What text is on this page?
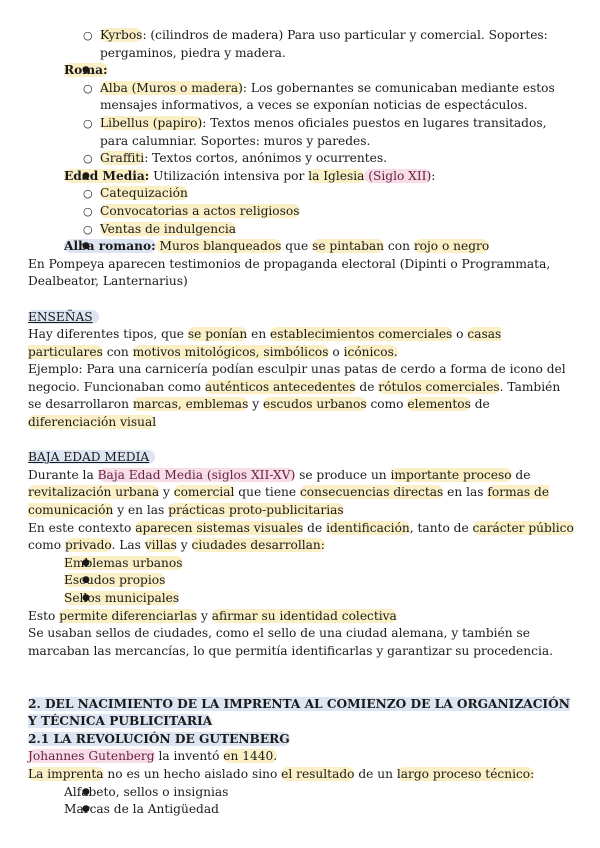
○ Kyrbos: (cilindros de madera) Para uso particular y comercial. Soportes: pergaminos, piedra y madera.
● Roma:
○ Alba (Muros o madera): Los gobernantes se comunicaban mediante estos mensajes informativos, a veces se exponían noticias de espectáculos.
○ Libellus (papiro): Textos menos oficiales puestos en lugares transitados, para calumniar. Soportes: muros y paredes.
○ Graffiti: Textos cortos, anónimos y ocurrentes.
● Edad Media: Utilización intensiva por la Iglesia (Siglo XII):
○ Catequización
○ Convocatorias a actos religiosos
○ Ventas de indulgencia
● Alba romano: Muros blanqueados que se pintaban con rojo o negro

En Pompeya aparecen testimonios de propaganda electoral (Dipinti o Programmata, Dealbeator, Lanternarius)

ENSEÑAS

Hay diferentes tipos, que se ponían en establecimientos comerciales o casas particulares con motivos mitológicos, simbólicos o icónicos.

Ejemplo: Para una carnicería podían esculpir unas patas de cerdo a forma de icono del negocio. Funcionaban como auténticos antecedentes de rótulos comerciales. También se desarrollaron marcas, emblemas y escudos urbanos como elementos de diferenciación visual

BAJA EDAD MEDIA

Durante la Baja Edad Media (siglos XII-XV) se produce un importante proceso de revitalización urbana y comercial que tiene consecuencias directas en las formas de comunicación y en las prácticas proto-publicitarias

En este contexto aparecen sistemas visuales de identificación, tanto de carácter público como privado. Las villas y ciudades desarrollan:

● Emblemas urbanos
● Escudos propios
● Sellos municipales

Esto permite diferenciarlas y afirmar su identidad colectiva

Se usaban sellos de ciudades, como el sello de una ciudad alemana, y también se marcaban las mercancías, lo que permitía identificarlas y garantizar su procedencia.

2. DEL NACIMIENTO DE LA IMPRENTA AL COMIENZO DE LA ORGANIZACIÓN Y TÉCNICA PUBLICITARIA

2.1 LA REVOLUCIÓN DE GUTENBERG

Johannes Gutenberg la inventó en 1440.

La imprenta no es un hecho aislado sino el resultado de un largo proceso técnico:

● Alfabeto, sellos o insignias
● Marcas de la Antigüedad
